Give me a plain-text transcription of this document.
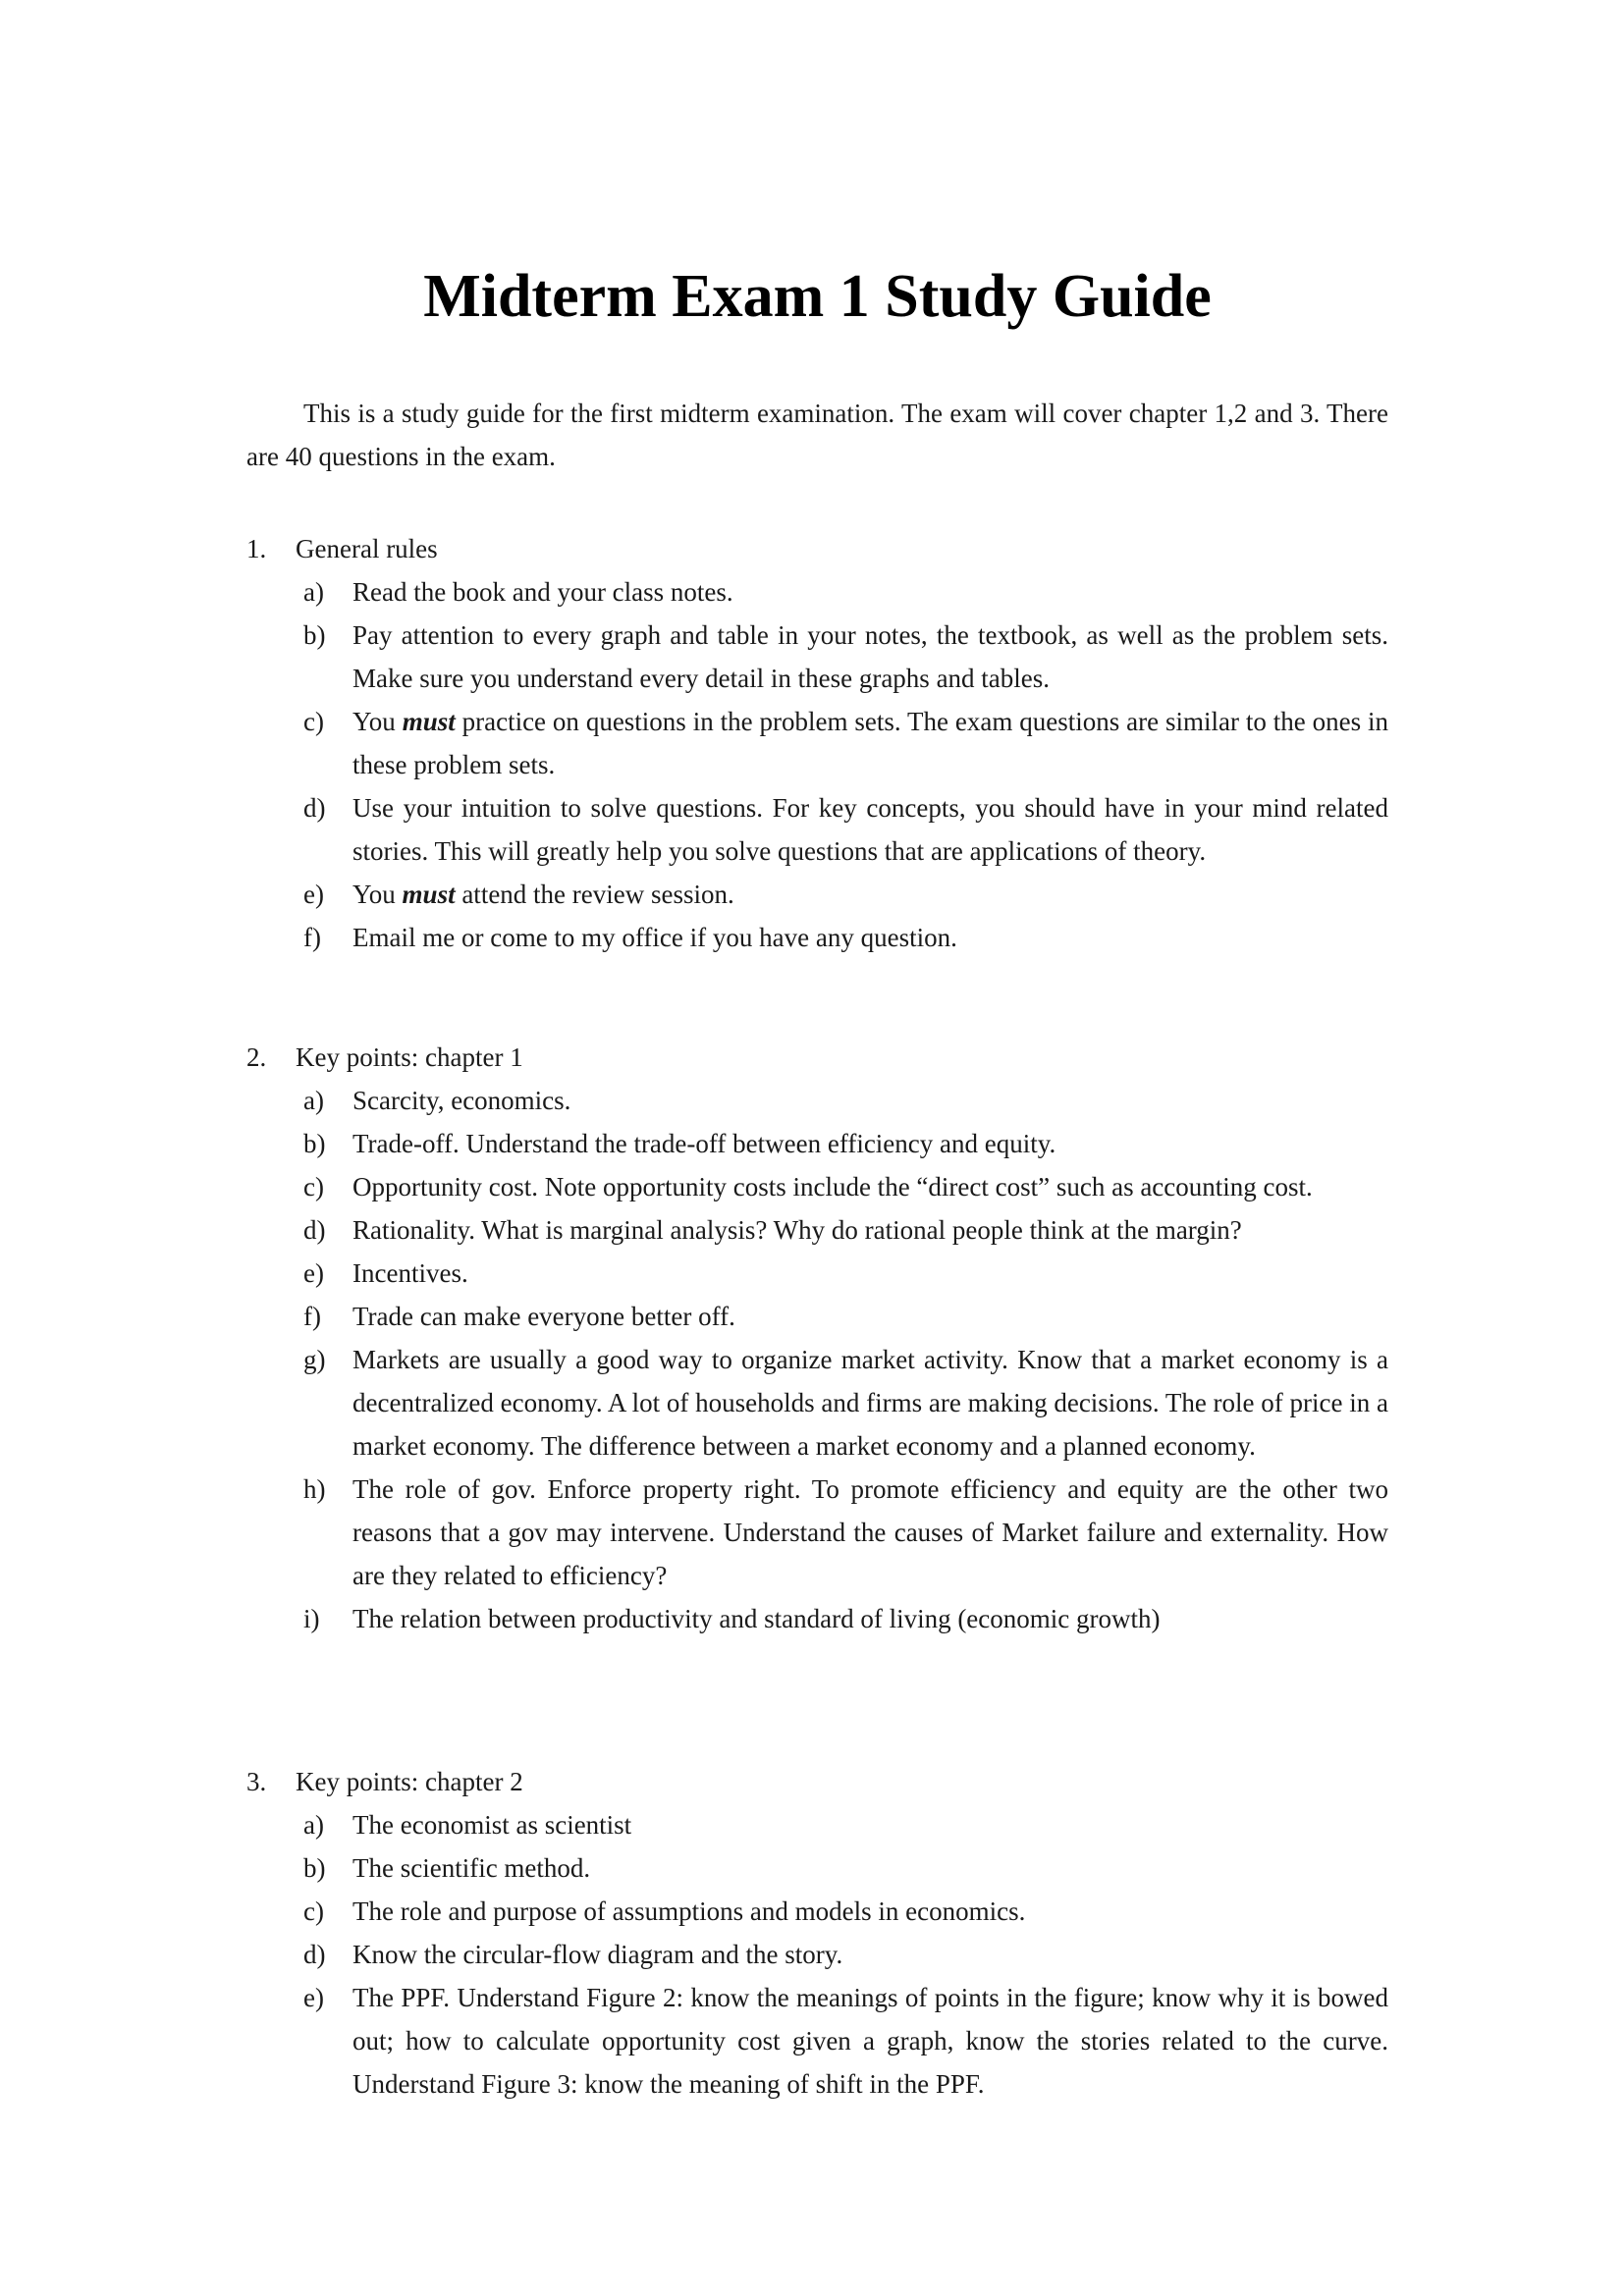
Midterm Exam 1 Study Guide

This is a study guide for the first midterm examination. The exam will cover chapter 1,2 and 3. There are 40 questions in the exam.

1. General rules
a) Read the book and your class notes.
b) Pay attention to every graph and table in your notes, the textbook, as well as the problem sets. Make sure you understand every detail in these graphs and tables.
c) You must practice on questions in the problem sets. The exam questions are similar to the ones in these problem sets.
d) Use your intuition to solve questions. For key concepts, you should have in your mind related stories. This will greatly help you solve questions that are applications of theory.
e) You must attend the review session.
f) Email me or come to my office if you have any question.
2. Key points: chapter 1
a) Scarcity, economics.
b) Trade-off. Understand the trade-off between efficiency and equity.
c) Opportunity cost. Note opportunity costs include the “direct cost” such as accounting cost.
d) Rationality. What is marginal analysis? Why do rational people think at the margin?
e) Incentives.
f) Trade can make everyone better off.
g) Markets are usually a good way to organize market activity. Know that a market economy is a decentralized economy. A lot of households and firms are making decisions. The role of price in a market economy. The difference between a market economy and a planned economy.
h) The role of gov. Enforce property right. To promote efficiency and equity are the other two reasons that a gov may intervene. Understand the causes of Market failure and externality. How are they related to efficiency?
i) The relation between productivity and standard of living (economic growth)
3. Key points: chapter 2
a) The economist as scientist
b) The scientific method.
c) The role and purpose of assumptions and models in economics.
d) Know the circular-flow diagram and the story.
e) The PPF. Understand Figure 2: know the meanings of points in the figure; know why it is bowed out; how to calculate opportunity cost given a graph, know the stories related to the curve. Understand Figure 3: know the meaning of shift in the PPF.
